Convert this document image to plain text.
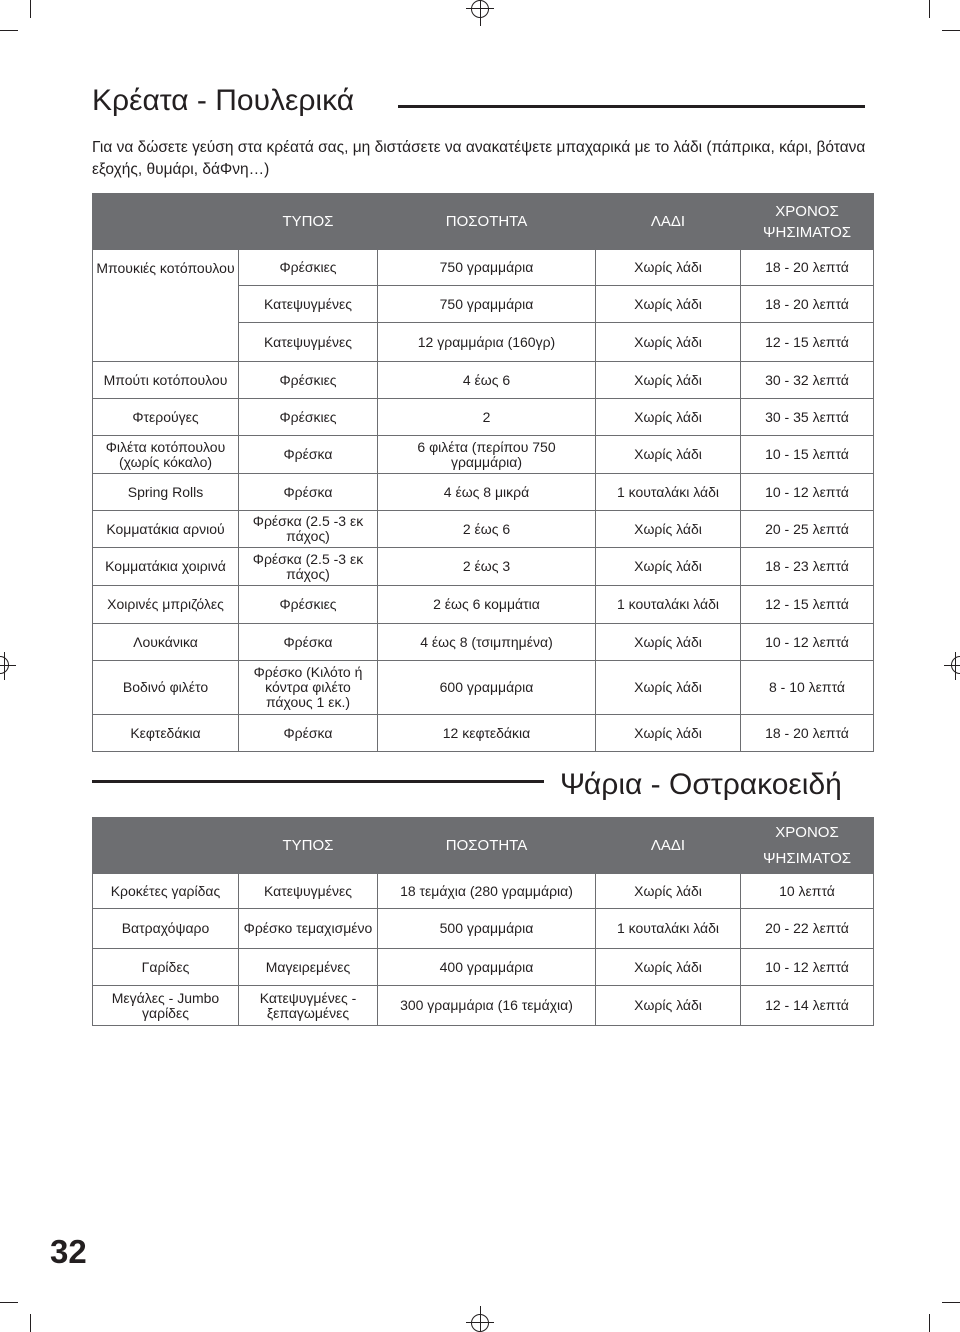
Κρέατα - Πουλερικά

Για να δώσετε γεύση στα κρέατά σας, μη διστάσετε να ανακατέψετε μπαχαρικά με το λάδι (πάπρικα, κάρι, βότανα εξοχής, θυμάρι, δάΦνη…)

	ΤΥΠΟΣ	ΠΟΣΟΤΗΤΑ	ΛΑΔΙ	ΧΡΟΝΟΣ ΨΗΣΙΜΑΤΟΣ
Μπουκιές κοτόπουλου	Φρέσκιες	750 γραμμάρια	Χωρίς λάδι	18 - 20 λεπτά
	Κατεψυγμένες	750 γραμμάρια	Χωρίς λάδι	18 - 20 λεπτά
	Κατεψυγμένες	12 γραμμάρια (160γρ)	Χωρίς λάδι	12 - 15 λεπτά
Μπούτι κοτόπουλου	Φρέσκιες	4 έως 6	Χωρίς λάδι	30 - 32 λεπτά
Φτερούγες	Φρέσκιες	2	Χωρίς λάδι	30 - 35 λεπτά
Φιλέτα κοτόπουλου (χωρίς κόκαλο)	Φρέσκα	6 φιλέτα (περίπου 750 γραμμάρια)	Χωρίς λάδι	10 - 15 λεπτά
Spring Rolls	Φρέσκα	4 έως 8 μικρά	1 κουταλάκι λάδι	10 - 12 λεπτά
Κομματάκια αρνιού	Φρέσκα (2.5 -3 εκ πάχος)	2 έως 6	Χωρίς λάδι	20 - 25 λεπτά
Κομματάκια χοιρινά	Φρέσκα (2.5 -3 εκ πάχος)	2 έως 3	Χωρίς λάδι	18 - 23 λεπτά
Χοιρινές μπριζόλες	Φρέσκιες	2 έως 6 κομμάτια	1 κουταλάκι λάδι	12 - 15 λεπτά
Λουκάνικα	Φρέσκα	4 έως 8 (τσιμπημένα)	Χωρίς λάδι	10 - 12 λεπτά
Βοδινό φιλέτο	Φρέσκο (Κιλότο ή κόντρα φιλέτο πάχους 1 εκ.)	600 γραμμάρια	Χωρίς λάδι	8 - 10 λεπτά
Κεφτεδάκια	Φρέσκα	12 κεφτεδάκια	Χωρίς λάδι	18 - 20 λεπτά
Ψάρια - Οστρακοειδή
	ΤΥΠΟΣ	ΠΟΣΟΤΗΤΑ	ΛΑΔΙ	ΧΡΟΝΟΣ ΨΗΣΙΜΑΤΟΣ
Κροκέτες γαρίδας	Κατεψυγμένες	18 τεμάχια (280 γραμμάρια)	Χωρίς λάδι	10 λεπτά
Βατραχόψαρο	Φρέσκο τεμαχισμένο	500 γραμμάρια	1 κουταλάκι λάδι	20 - 22 λεπτά
Γαρίδες	Μαγειρεμένες	400 γραμμάρια	Χωρίς λάδι	10 - 12 λεπτά
Μεγάλες - Jumbo γαρίδες	Κατεψυγμένες - ξεπαγωμένες	300 γραμμάρια (16 τεμάχια)	Χωρίς λάδι	12 - 14 λεπτά
32
